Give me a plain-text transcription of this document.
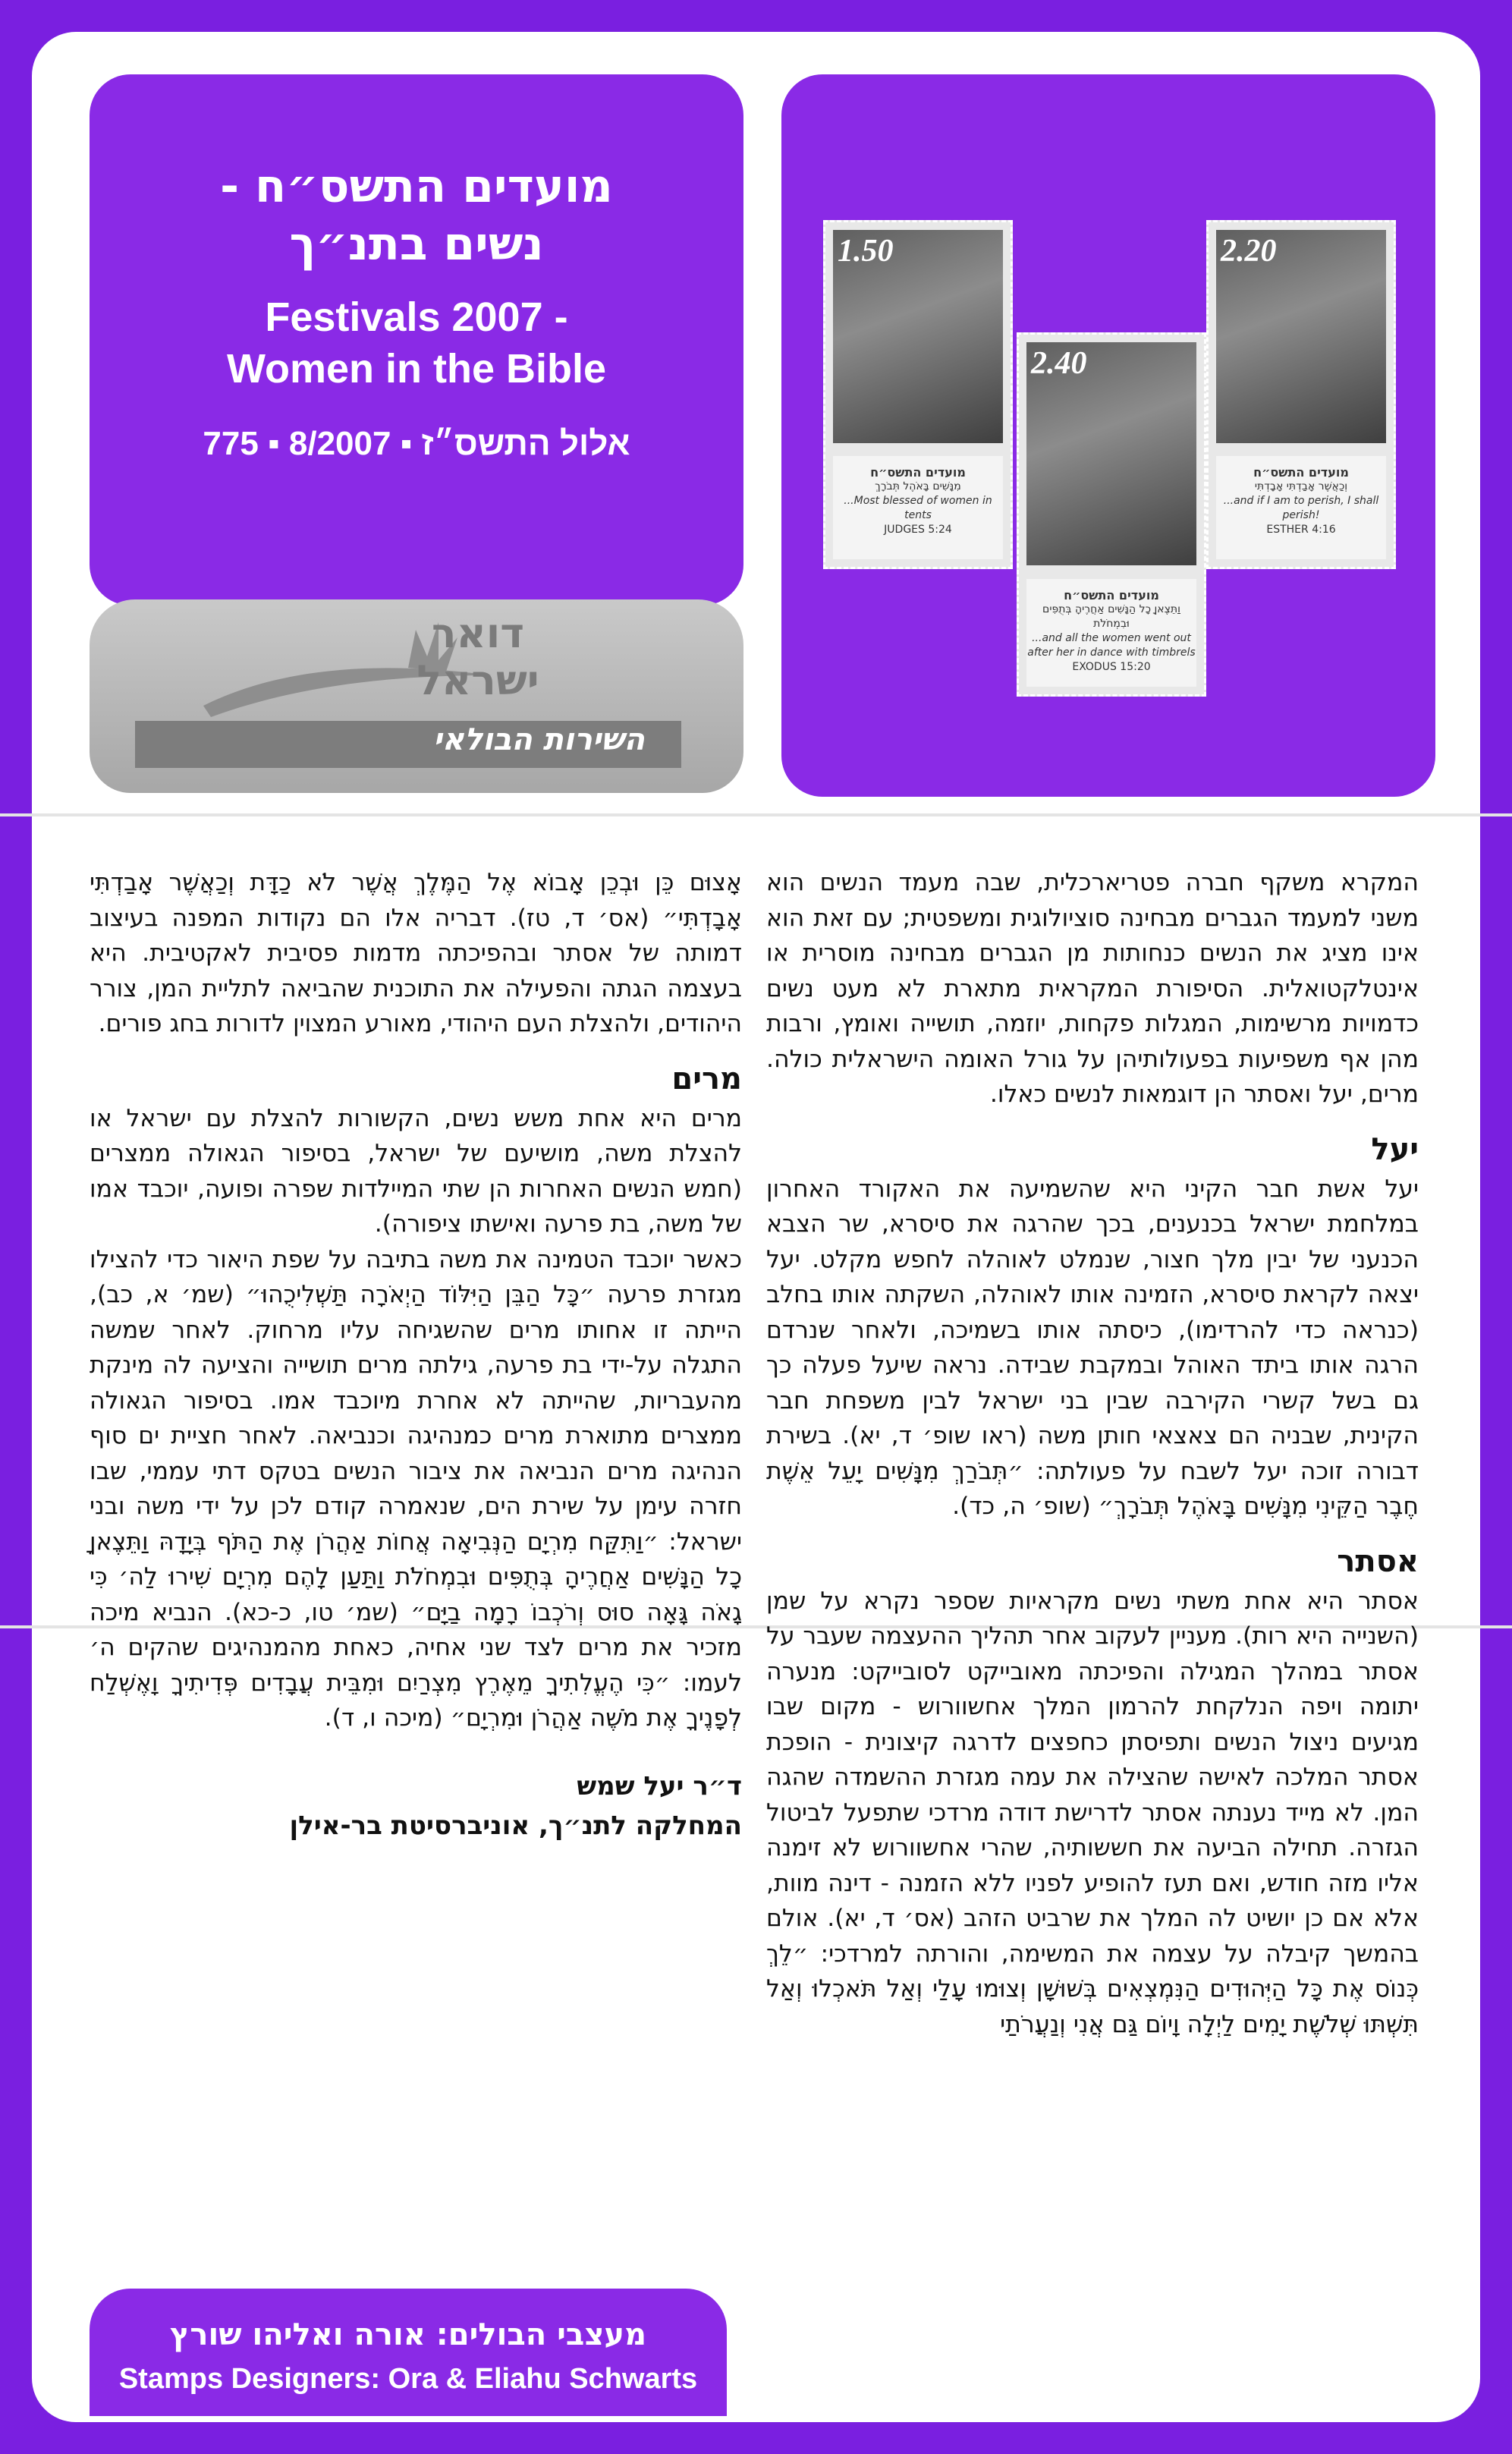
מועדים התשס״ח -
נשים בתנ״ך
Festivals 2007 -
Women in the Bible
אלול התשס״ז ▪ 8/2007 ▪ 775
דואר
ישראל
השירות הבולאי
2.20
מועדים התשס״ח
וְכַאֲשֶׁר אָבַדְתִּי אָבָדְתִּי
...and if I am to perish, I shall perish!
ESTHER 4:16
2.40
מועדים התשס״ח
וַתֵּצֶאןָ כָל הַנָּשִׁים אַחֲרֶיהָ בְּתֻפִּים וּבִמְחֹלֹת
...and all the women went out after her in dance with timbrels
EXODUS 15:20
1.50
מועדים התשס״ח
מִנָּשִׁים בָּאֹהֶל תְּבֹרָךְ
...Most blessed of women in tents
JUDGES 5:24

המקרא משקף חברה פטריארכלית, שבה מעמד הנשים הוא משני למעמד הגברים מבחינה סוציולוגית ומשפטית; עם זאת הוא אינו מציג את הנשים כנחותות מן הגברים מבחינה מוסרית או אינטלקטואלית. הסיפורת המקראית מתארת לא מעט נשים כדמויות מרשימות, המגלות פקחות, יוזמה, תושייה ואומץ, ורבות מהן אף משפיעות בפעולותיהן על גורל האומה הישראלית כולה. מרים, יעל ואסתר הן דוגמאות לנשים כאלו.

יעל

יעל אשת חבר הקיני היא שהשמיעה את האקורד האחרון במלחמת ישראל בכנענים, בכך שהרגה את סיסרא, שר הצבא הכנעני של יבין מלך חצור, שנמלט לאוהלה לחפש מקלט. יעל יצאה לקראת סיסרא, הזמינה אותו לאוהלה, השקתה אותו בחלב (כנראה כדי להרדימו), כיסתה אותו בשמיכה, ולאחר שנרדם הרגה אותו ביתד האוהל ובמקבת שבידה. נראה שיעל פעלה כך גם בשל קשרי הקירבה שבין בני ישראל לבין משפחת חבר הקינית, שבניה הם צאצאי חותן משה (ראו שופ׳ ד, יא). בשירת דבורה זוכה יעל לשבח על פעולתה: ״תְּבֹרַךְ מִנָּשִׁים יָעֵל אֵשֶׁת חֶבֶר הַקֵּינִי מִנָּשִׁים בָּאֹהֶל תְּבֹרָךְ״ (שופ׳ ה, כד).

אסתר

אסתר היא אחת משתי נשים מקראיות שספר נקרא על שמן (השנייה היא רות). מעניין לעקוב אחר תהליך ההעצמה שעבר על אסתר במהלך המגילה והפיכתה מאובייקט לסובייקט: מנערה יתומה ויפה הנלקחת להרמון המלך אחשוורוש - מקום שבו מגיעים ניצול הנשים ותפיסתן כחפצים לדרגה קיצונית - הופכת אסתר המלכה לאישה שהצילה את עמה מגזרת ההשמדה שהגה המן. לא מייד נענתה אסתר לדרישת דודה מרדכי שתפעל לביטול הגזרה. תחילה הביעה את חששותיה, שהרי אחשוורוש לא זימנה אליו מזה חודש, ואם תעז להופיע לפניו ללא הזמנה - דינה מוות, אלא אם כן יושיט לה המלך את שרביט הזהב (אס׳ ד, יא). אולם בהמשך קיבלה על עצמה את המשימה, והורתה למרדכי: ״לֵךְ כְּנוֹס אֶת כָּל הַיְּהוּדִים הַנִּמְצְאִים בְּשׁוּשָׁן וְצוּמוּ עָלַי וְאַל תֹּאכְלוּ וְאַל תִּשְׁתּוּ שְׁלֹשֶׁת יָמִים לַיְלָה וָיוֹם גַּם אֲנִי וְנַעֲרֹתַי

אָצוּם כֵּן וּבְכֵן אָבוֹא אֶל הַמֶּלֶךְ אֲשֶׁר לֹא כַדָּת וְכַאֲשֶׁר אָבַדְתִּי אָבָדְתִּי״ (אס׳ ד, טז). דבריה אלו הם נקודות המפנה בעיצוב דמותה של אסתר ובהפיכתה מדמות פסיבית לאקטיבית. היא בעצמה הגתה והפעילה את התוכנית שהביאה לתליית המן, צורר היהודים, ולהצלת העם היהודי, מאורע המצוין לדורות בחג פורים.

מרים

מרים היא אחת משש נשים, הקשורות להצלת עם ישראל או להצלת משה, מושיעם של ישראל, בסיפור הגאולה ממצרים (חמש הנשים האחרות הן שתי המיילדות שפרה ופועה, יוכבד אמו של משה, בת פרעה ואישתו ציפורה).

כאשר יוכבד הטמינה את משה בתיבה על שפת היאור כדי להצילו מגזרת פרעה ״כָּל הַבֵּן הַיִּלּוֹד הַיְאֹרָה תַּשְׁלִיכֻהוּ״ (שמ׳ א, כב), הייתה זו אחותו מרים שהשגיחה עליו מרחוק. לאחר שמשה התגלה על-ידי בת פרעה, גילתה מרים תושייה והציעה לה מינקת מהעבריות, שהייתה לא אחרת מיוכבד אמו. בסיפור הגאולה ממצרים מתוארת מרים כמנהיגה וכנביאה. לאחר חציית ים סוף הנהיגה מרים הנביאה את ציבור הנשים בטקס דתי עממי, שבו חזרה עימן על שירת הים, שנאמרה קודם לכן על ידי משה ובני ישראל: ״וַתִּקַּח מִרְיָם הַנְּבִיאָה אֲחוֹת אַהֲרֹן אֶת הַתֹּף בְּיָדָהּ וַתֵּצֶאןָ כָל הַנָּשִׁים אַחֲרֶיהָ בְּתֻפִּים וּבִמְחֹלֹת וַתַּעַן לָהֶם מִרְיָם שִׁירוּ לַה׳ כִּי גָאֹה גָּאָה סוּס וְרֹכְבוֹ רָמָה בַיָּם״ (שמ׳ טו, כ-כא). הנביא מיכה מזכיר את מרים לצד שני אחיה, כאחת מהמנהיגים שהקים ה׳ לעמו: ״כִּי הֶעֱלִתִיךָ מֵאֶרֶץ מִצְרַיִם וּמִבֵּית עֲבָדִים פְּדִיתִיךָ וָאֶשְׁלַח לְפָנֶיךָ אֶת מֹשֶׁה אַהֲרֹן וּמִרְיָם״ (מיכה ו, ד).

ד״ר יעל שמש
המחלקה לתנ״ך, אוניברסיטת בר-אילן

מעצבי הבולים: אורה ואליהו שורץ
Stamps Designers: Ora & Eliahu Schwarts
